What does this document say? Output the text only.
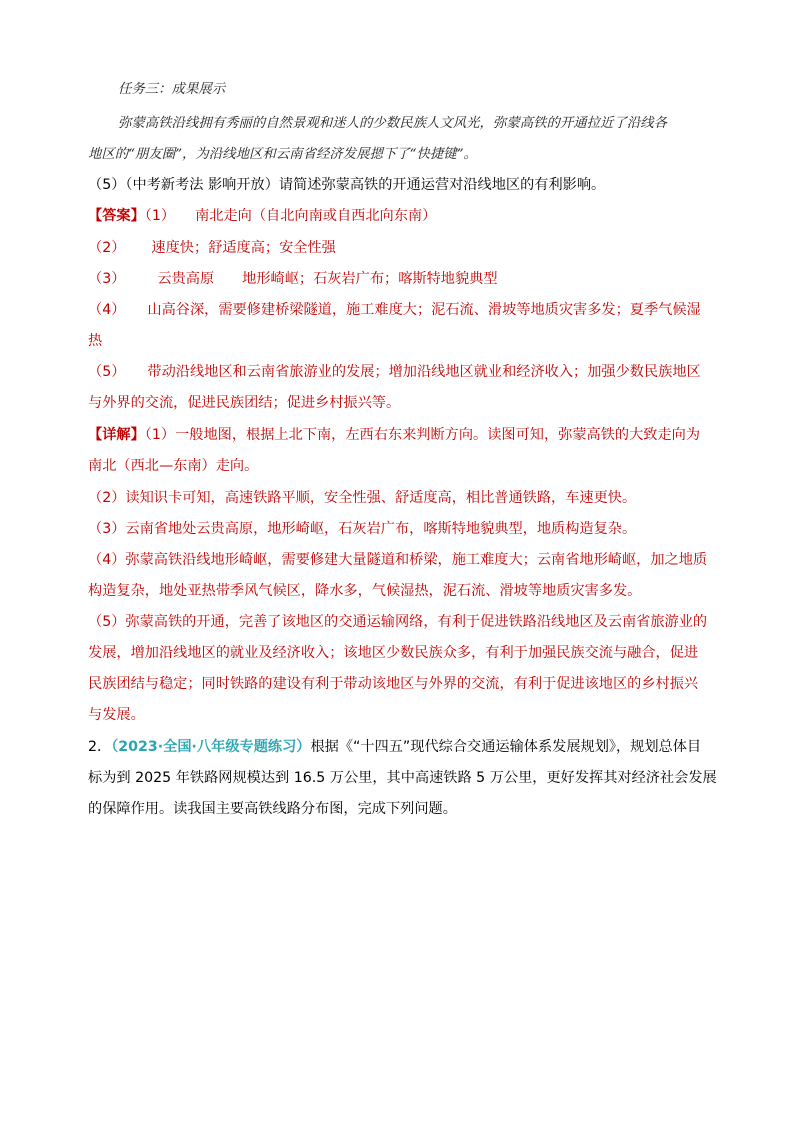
任务三：成果展示
弥蒙高铁沿线拥有秀丽的自然景观和迷人的少数民族人文风光，弥蒙高铁的开通拉近了沿线各
地区的“朋友圈”，为沿线地区和云南省经济发展摁下了“快捷键”。
（5）（中考新考法 影响开放）请简述弥蒙高铁的开通运营对沿线地区的有利影响。
【答案】（1） 南北走向（自北向南或自西北向东南）
（2） 速度快；舒适度高；安全性强
（3） 云贵高原 地形崎岖；石灰岩广布；喀斯特地貌典型
（4） 山高谷深，需要修建桥梁隧道，施工难度大；泥石流、滑坡等地质灾害多发；夏季气候湿
热
（5） 带动沿线地区和云南省旅游业的发展；增加沿线地区就业和经济收入；加强少数民族地区
与外界的交流，促进民族团结；促进乡村振兴等。
【详解】（1）一般地图，根据上北下南，左西右东来判断方向。读图可知，弥蒙高铁的大致走向为
南北（西北—东南）走向。
（2）读知识卡可知，高速铁路平顺，安全性强、舒适度高，相比普通铁路，车速更快。
（3）云南省地处云贵高原，地形崎岖，石灰岩广布，喀斯特地貌典型，地质构造复杂。
（4）弥蒙高铁沿线地形崎岖，需要修建大量隧道和桥梁，施工难度大；云南省地形崎岖，加之地质
构造复杂，地处亚热带季风气候区，降水多，气候湿热，泥石流、滑坡等地质灾害多发。
（5）弥蒙高铁的开通，完善了该地区的交通运输网络，有利于促进铁路沿线地区及云南省旅游业的
发展，增加沿线地区的就业及经济收入；该地区少数民族众多，有利于加强民族交流与融合，促进
民族团结与稳定；同时铁路的建设有利于带动该地区与外界的交流，有利于促进该地区的乡村振兴
与发展。
2．（2023·全国·八年级专题练习）根据《“十四五”现代综合交通运输体系发展规划》，规划总体目
标为到 2025 年铁路网规模达到 16.5 万公里，其中高速铁路 5 万公里，更好发挥其对经济社会发展
的保障作用。读我国主要高铁线路分布图，完成下列问题。
